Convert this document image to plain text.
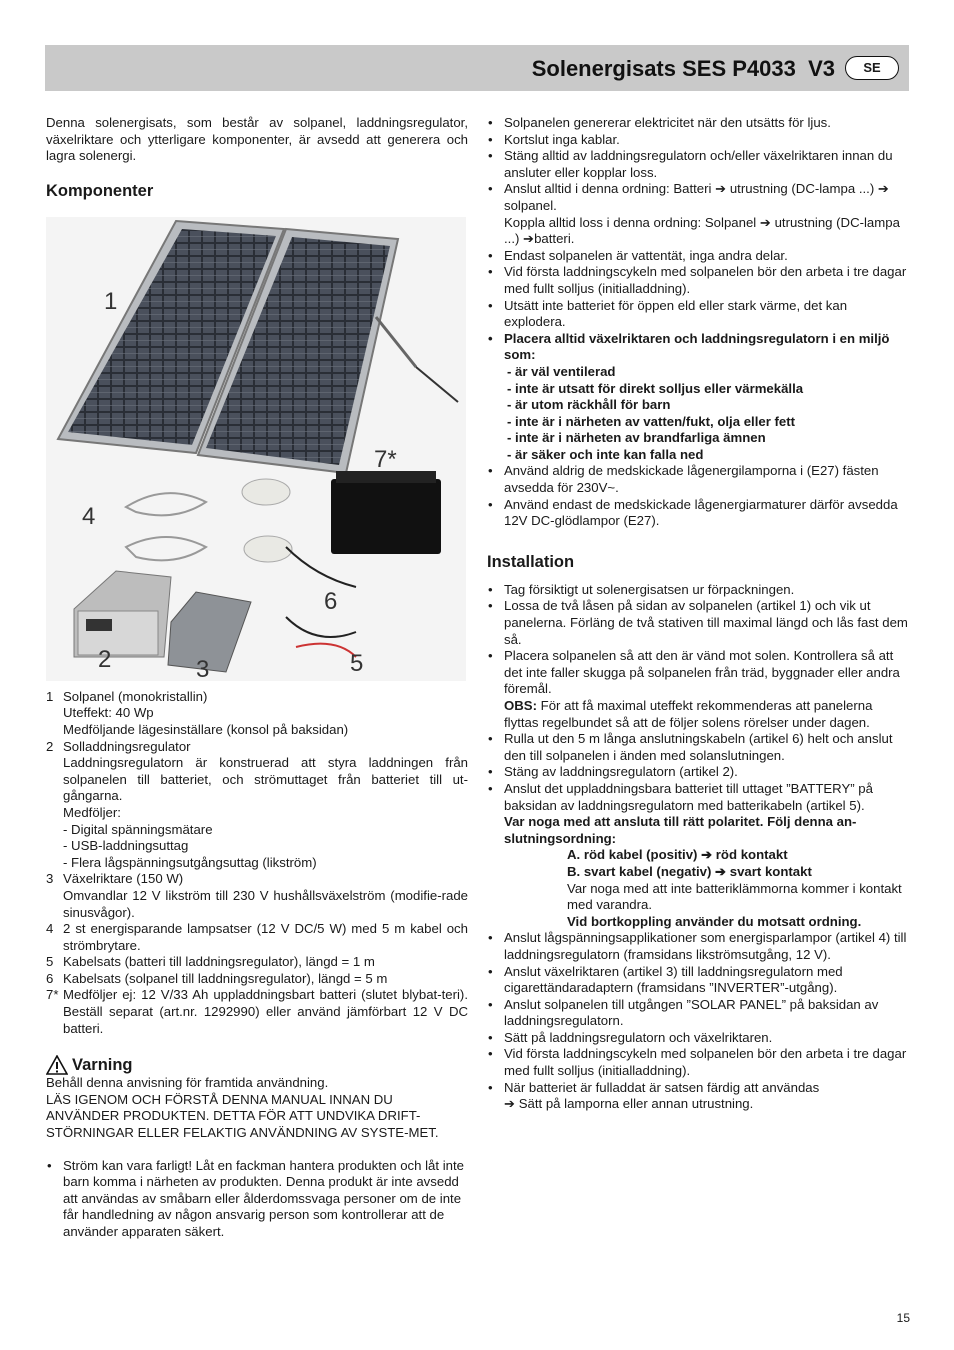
Solenergisats SES P4033  V3	SE

Denna solenergisats, som består av solpanel, laddningsregulator, växelriktare och ytterligare komponenter, är avsedd att generera och lagra solenergi.

Komponenter
1
7*
4
6
2	3	5
1 Solpanel (monokristallin)
Uteffekt: 40 Wp
Medföljande lägesinställare (konsol på baksidan)
2 Solladdningsregulator
Laddningsregulatorn är konstruerad att styra laddningen från solpanelen till batteriet, och strömuttaget från batteriet till ut-gångarna.
Medföljer:
- Digital spänningsmätare
- USB-laddningsuttag
- Flera lågspänningsutgångsuttag (likström)
3 Växelriktare (150 W)
Omvandlar 12 V likström till 230 V hushållsväxelström (modifie-rade sinusvågor).
4 2 st energisparande lampsatser (12 V DC/5 W) med 5 m kabel och strömbrytare.
5 Kabelsats (batteri till laddningsregulator), längd = 1 m
6 Kabelsats (solpanel till laddningsregulator), längd = 5 m
7* Medföljer ej: 12 V/33 Ah uppladdningsbart batteri (slutet blybat-teri). Beställ separat (art.nr. 1292990) eller använd jämförbart 12 V DC batteri.
Varning

Behåll denna anvisning för framtida användning.

LÄS IGENOM OCH FÖRSTÅ DENNA MANUAL INNAN DU ANVÄNDER PRODUKTEN. DETTA FÖR ATT UNDVIKA DRIFT-STÖRNINGAR ELLER FELAKTIG ANVÄNDNING AV SYSTE-MET.

• Ström kan vara farligt! Låt en fackman hantera produkten och låt inte barn komma i närheten av produkten. Denna produkt är inte avsedd att användas av småbarn eller ålderdomssvaga personer om de inte får handledning av någon ansvarig person som kontrollerar att de använder apparaten säkert.
• Solpanelen genererar elektricitet när den utsätts för ljus.
• Kortslut inga kablar.
• Stäng alltid av laddningsregulatorn och/eller växelriktaren innan du ansluter eller kopplar loss.
• Anslut alltid i denna ordning: Batteri ➔ utrustning (DC-lampa ...) ➔ solpanel.
Koppla alltid loss i denna ordning: Solpanel ➔ utrustning (DC-lampa ...) ➔batteri.
• Endast solpanelen är vattentät, inga andra delar.
• Vid första laddningscykeln med solpanelen bör den arbeta i tre dagar med fullt solljus (initialladdning).
• Utsätt inte batteriet för öppen eld eller stark värme, det kan explodera.
• Placera alltid växelriktaren och laddningsregulatorn i en miljö som:
- är väl ventilerad
- inte är utsatt för direkt solljus eller värmekälla
- är utom räckhåll för barn
- inte är i närheten av vatten/fukt, olja eller fett
- inte är i närheten av brandfarliga ämnen
- är säker och inte kan falla ned
• Använd aldrig de medskickade lågenergilamporna i (E27) fästen avsedda för 230V~.
• Använd endast de medskickade lågenergiarmaturer därför avsedda 12V DC-glödlampor (E27).
Installation
• Tag försiktigt ut solenergisatsen ur förpackningen.
• Lossa de två låsen på sidan av solpanelen (artikel 1) och vik ut panelerna. Förläng de två stativen till maximal längd och lås fast dem så.
• Placera solpanelen så att den är vänd mot solen. Kontrollera så att det inte faller skugga på solpanelen från träd, byggnader eller andra föremål.
OBS: För att få maximal uteffekt rekommenderas att panelerna flyttas regelbundet så att de följer solens rörelser under dagen.
• Rulla ut den 5 m långa anslutningskabeln (artikel 6) helt och anslut den till solpanelen i änden med solanslutningen.
• Stäng av laddningsregulatorn (artikel 2).
• Anslut det uppladdningsbara batteriet till uttaget ”BATTERY” på baksidan av laddningsregulatorn med batterikabeln (artikel 5).
Var noga med att ansluta till rätt polaritet. Följ denna an-slutningsordning:
A. röd kabel (positiv) ➔ röd kontakt
B. svart kabel (negativ) ➔ svart kontakt
Var noga med att inte batteriklämmorna kommer i kontakt med varandra.
Vid bortkoppling använder du motsatt ordning.
• Anslut lågspänningsapplikationer som energisparlampor (artikel 4) till laddningsregulatorn (framsidans likströmsutgång, 12 V).
• Anslut växelriktaren (artikel 3) till laddningsregulatorn med cigarettändaradaptern (framsidans ”INVERTER”-utgång).
• Anslut solpanelen till utgången ”SOLAR PANEL” på baksidan av laddningsregulatorn.
• Sätt på laddningsregulatorn och växelriktaren.
• Vid första laddningscykeln med solpanelen bör den arbeta i tre dagar med fullt solljus (initialladdning).
• När batteriet är fulladdat är satsen färdig att användas
➔ Sätt på lamporna eller annan utrustning.
15
